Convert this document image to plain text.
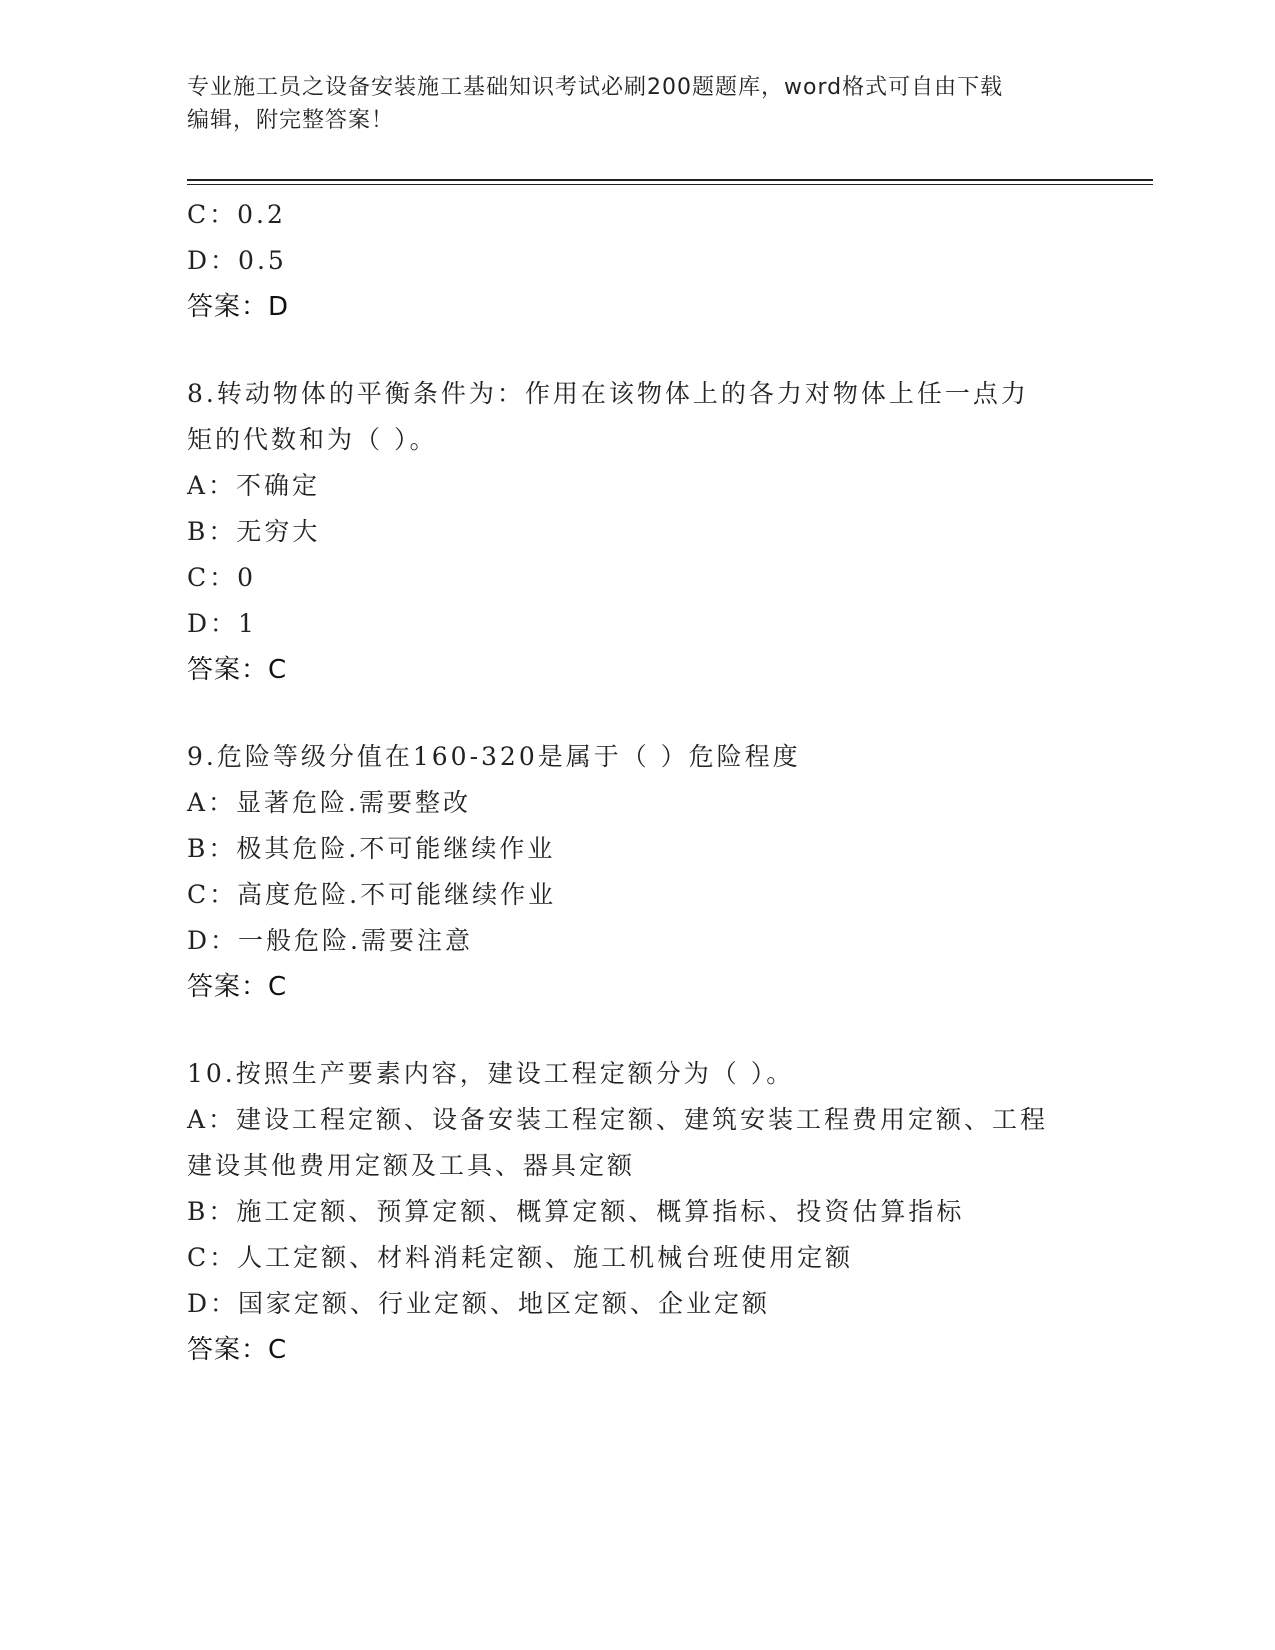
专业施工员之设备安装施工基础知识考试必刷200题题库，word格式可自由下载
编辑，附完整答案！
C：0.2
D：0.5
答案：D
8.转动物体的平衡条件为：作用在该物体上的各力对物体上任一点力
矩的代数和为（ ）。
A：不确定
B：无穷大
C：0
D：1
答案：C
9.危险等级分值在160-320是属于（ ）危险程度
A：显著危险.需要整改
B：极其危险.不可能继续作业
C：高度危险.不可能继续作业
D：一般危险.需要注意
答案：C
10.按照生产要素内容，建设工程定额分为（ ）。
A：建设工程定额、设备安装工程定额、建筑安装工程费用定额、工程
建设其他费用定额及工具、器具定额
B：施工定额、预算定额、概算定额、概算指标、投资估算指标
C：人工定额、材料消耗定额、施工机械台班使用定额
D：国家定额、行业定额、地区定额、企业定额
答案：C
